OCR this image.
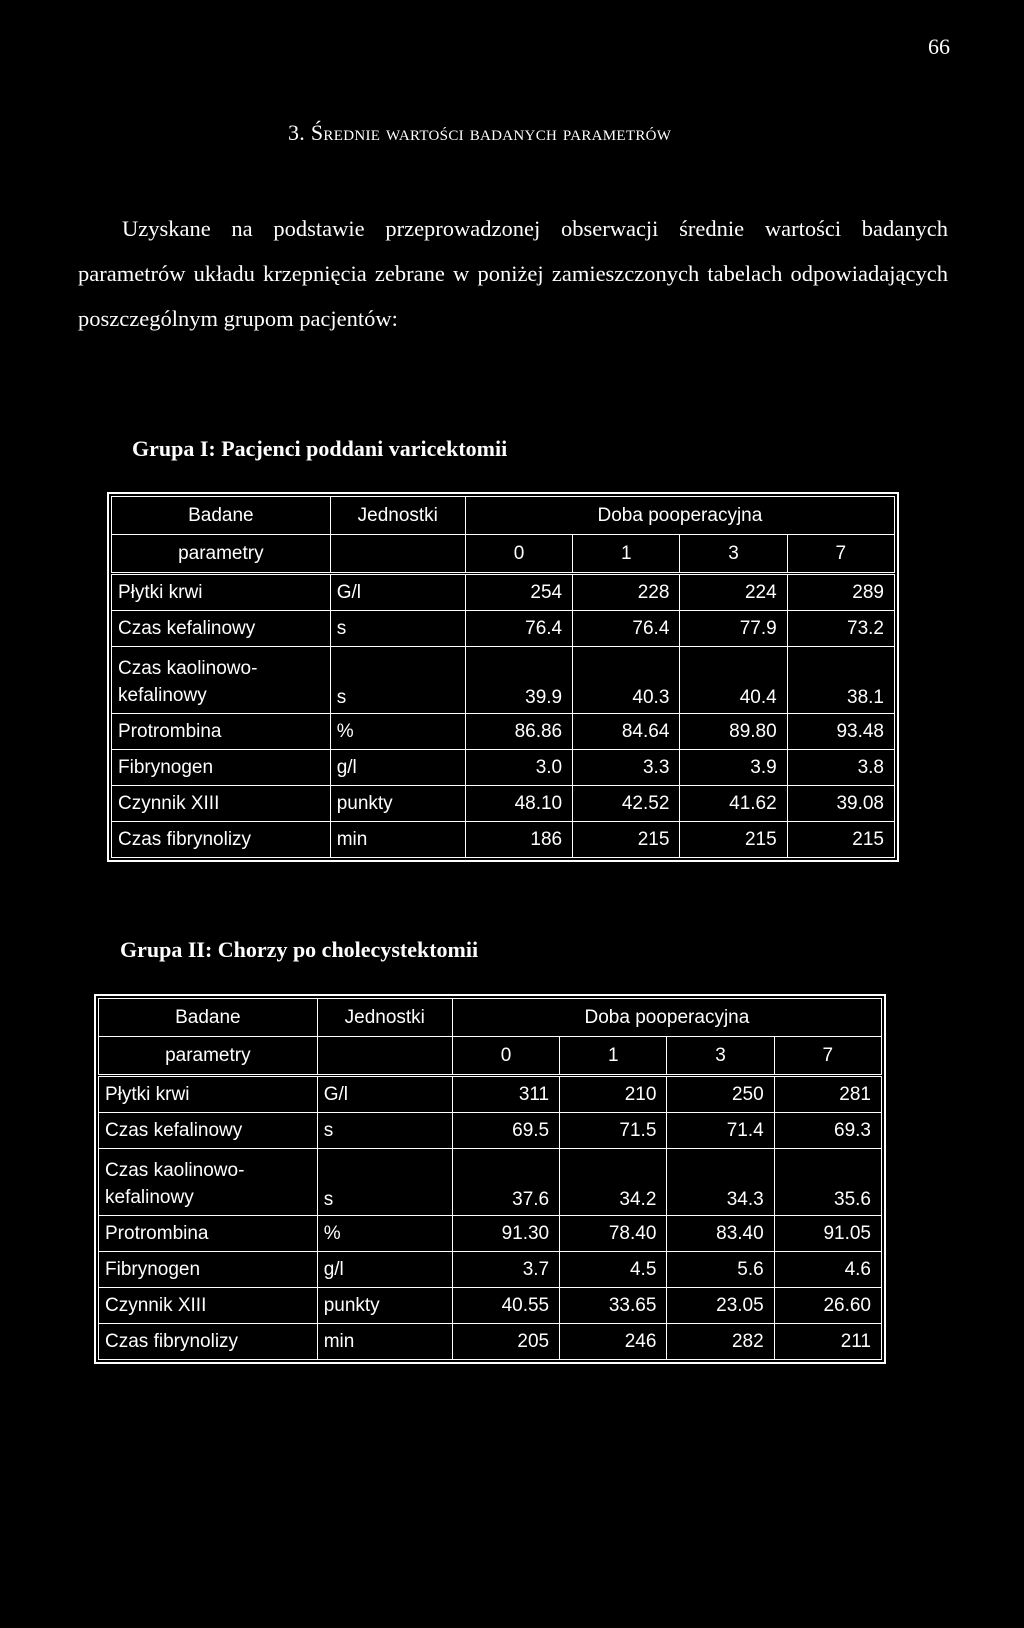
66
3. Średnie wartości badanych parametrów
Uzyskane na podstawie przeprowadzonej obserwacji średnie wartości badanych parametrów układu krzepnięcia zebrane w poniżej zamieszczonych tabelach odpowiadających poszczególnym grupom pacjentów:
Grupa I: Pacjenci poddani varicektomii
Badane	Jednostki	Doba pooperacyjna			
parametry		0	1	3	7
Płytki krwi	G/l	254	228	224	289
Czas kefalinowy	s	76.4	76.4	77.9	73.2
Czas kaolinowo-kefalinowy	s	39.9	40.3	40.4	38.1
Protrombina	%	86.86	84.64	89.80	93.48
Fibrynogen	g/l	3.0	3.3	3.9	3.8
Czynnik XIII	punkty	48.10	42.52	41.62	39.08
Czas fibrynolizy	min	186	215	215	215
Grupa II: Chorzy po cholecystektomii
Badane	Jednostki	Doba pooperacyjna			
parametry		0	1	3	7
Płytki krwi	G/l	311	210	250	281
Czas kefalinowy	s	69.5	71.5	71.4	69.3
Czas kaolinowo-kefalinowy	s	37.6	34.2	34.3	35.6
Protrombina	%	91.30	78.40	83.40	91.05
Fibrynogen	g/l	3.7	4.5	5.6	4.6
Czynnik XIII	punkty	40.55	33.65	23.05	26.60
Czas fibrynolizy	min	205	246	282	211
